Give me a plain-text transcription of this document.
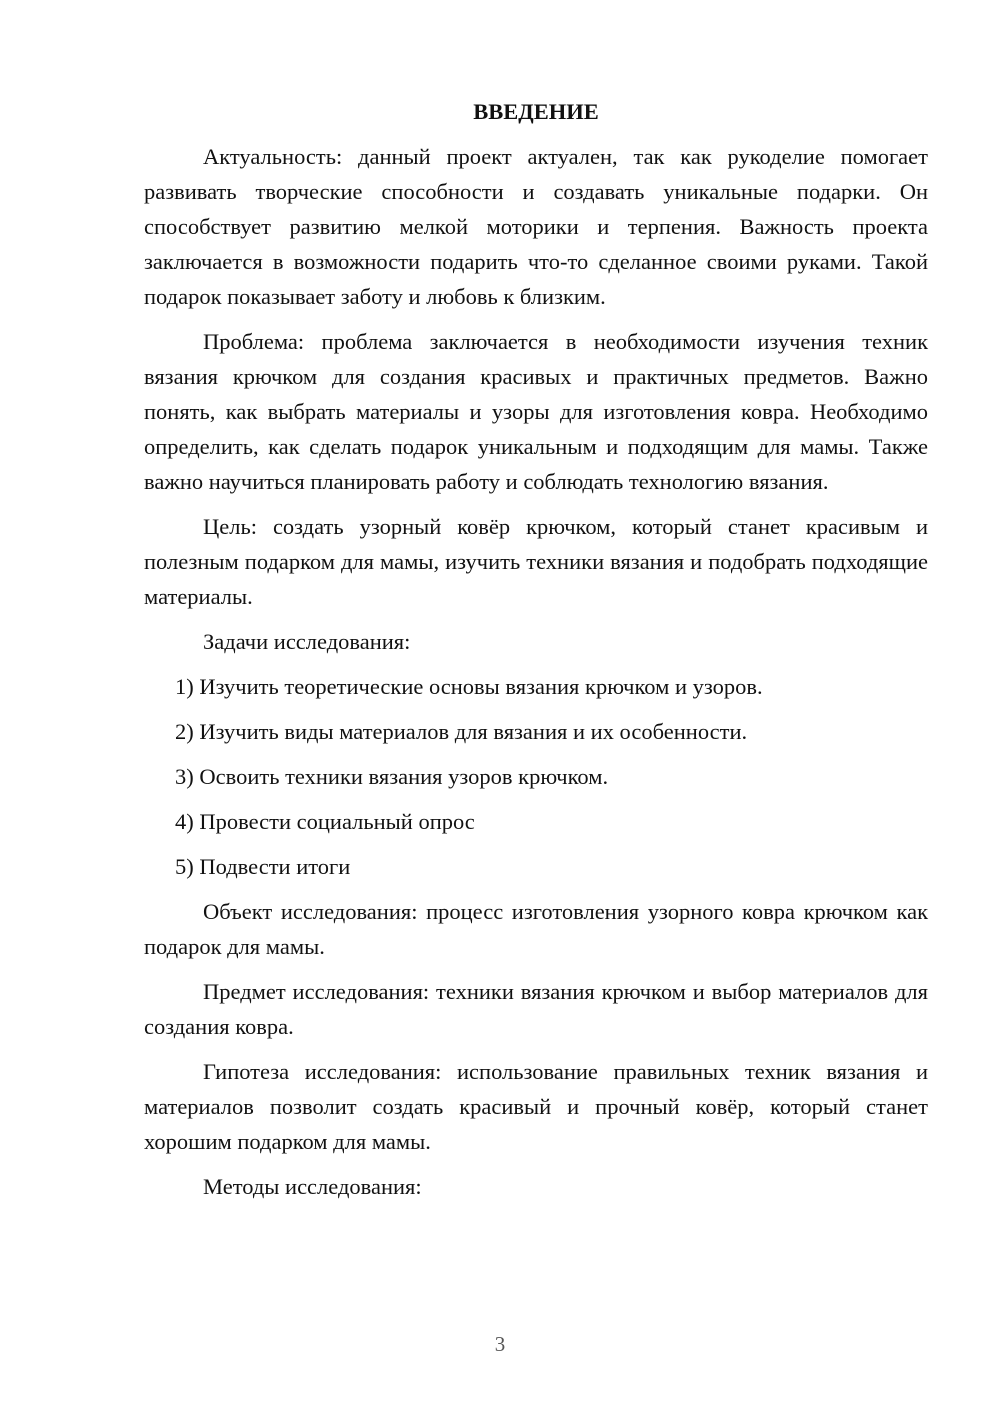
ВВЕДЕНИЕ

Актуальность: данный проект актуален, так как рукоделие помогает развивать творческие способности и создавать уникальные подарки. Он способствует развитию мелкой моторики и терпения. Важность проекта заключается в возможности подарить что-то сделанное своими руками. Такой подарок показывает заботу и любовь к близким.

Проблема: проблема заключается в необходимости изучения техник вязания крючком для создания красивых и практичных предметов. Важно понять, как выбрать материалы и узоры для изготовления ковра. Необходимо определить, как сделать подарок уникальным и подходящим для мамы. Также важно научиться планировать работу и соблюдать технологию вязания.

Цель: создать узорный ковёр крючком, который станет красивым и полезным подарком для мамы, изучить техники вязания и подобрать подходящие материалы.

Задачи исследования:

1) Изучить теоретические основы вязания крючком и узоров.
2) Изучить виды материалов для вязания и их особенности.
3) Освоить техники вязания узоров крючком.
4) Провести социальный опрос
5) Подвести итоги

Объект исследования: процесс изготовления узорного ковра крючком как подарок для мамы.

Предмет исследования: техники вязания крючком и выбор материалов для создания ковра.

Гипотеза исследования: использование правильных техник вязания и материалов позволит создать красивый и прочный ковёр, который станет хорошим подарком для мамы.

Методы исследования:

3
